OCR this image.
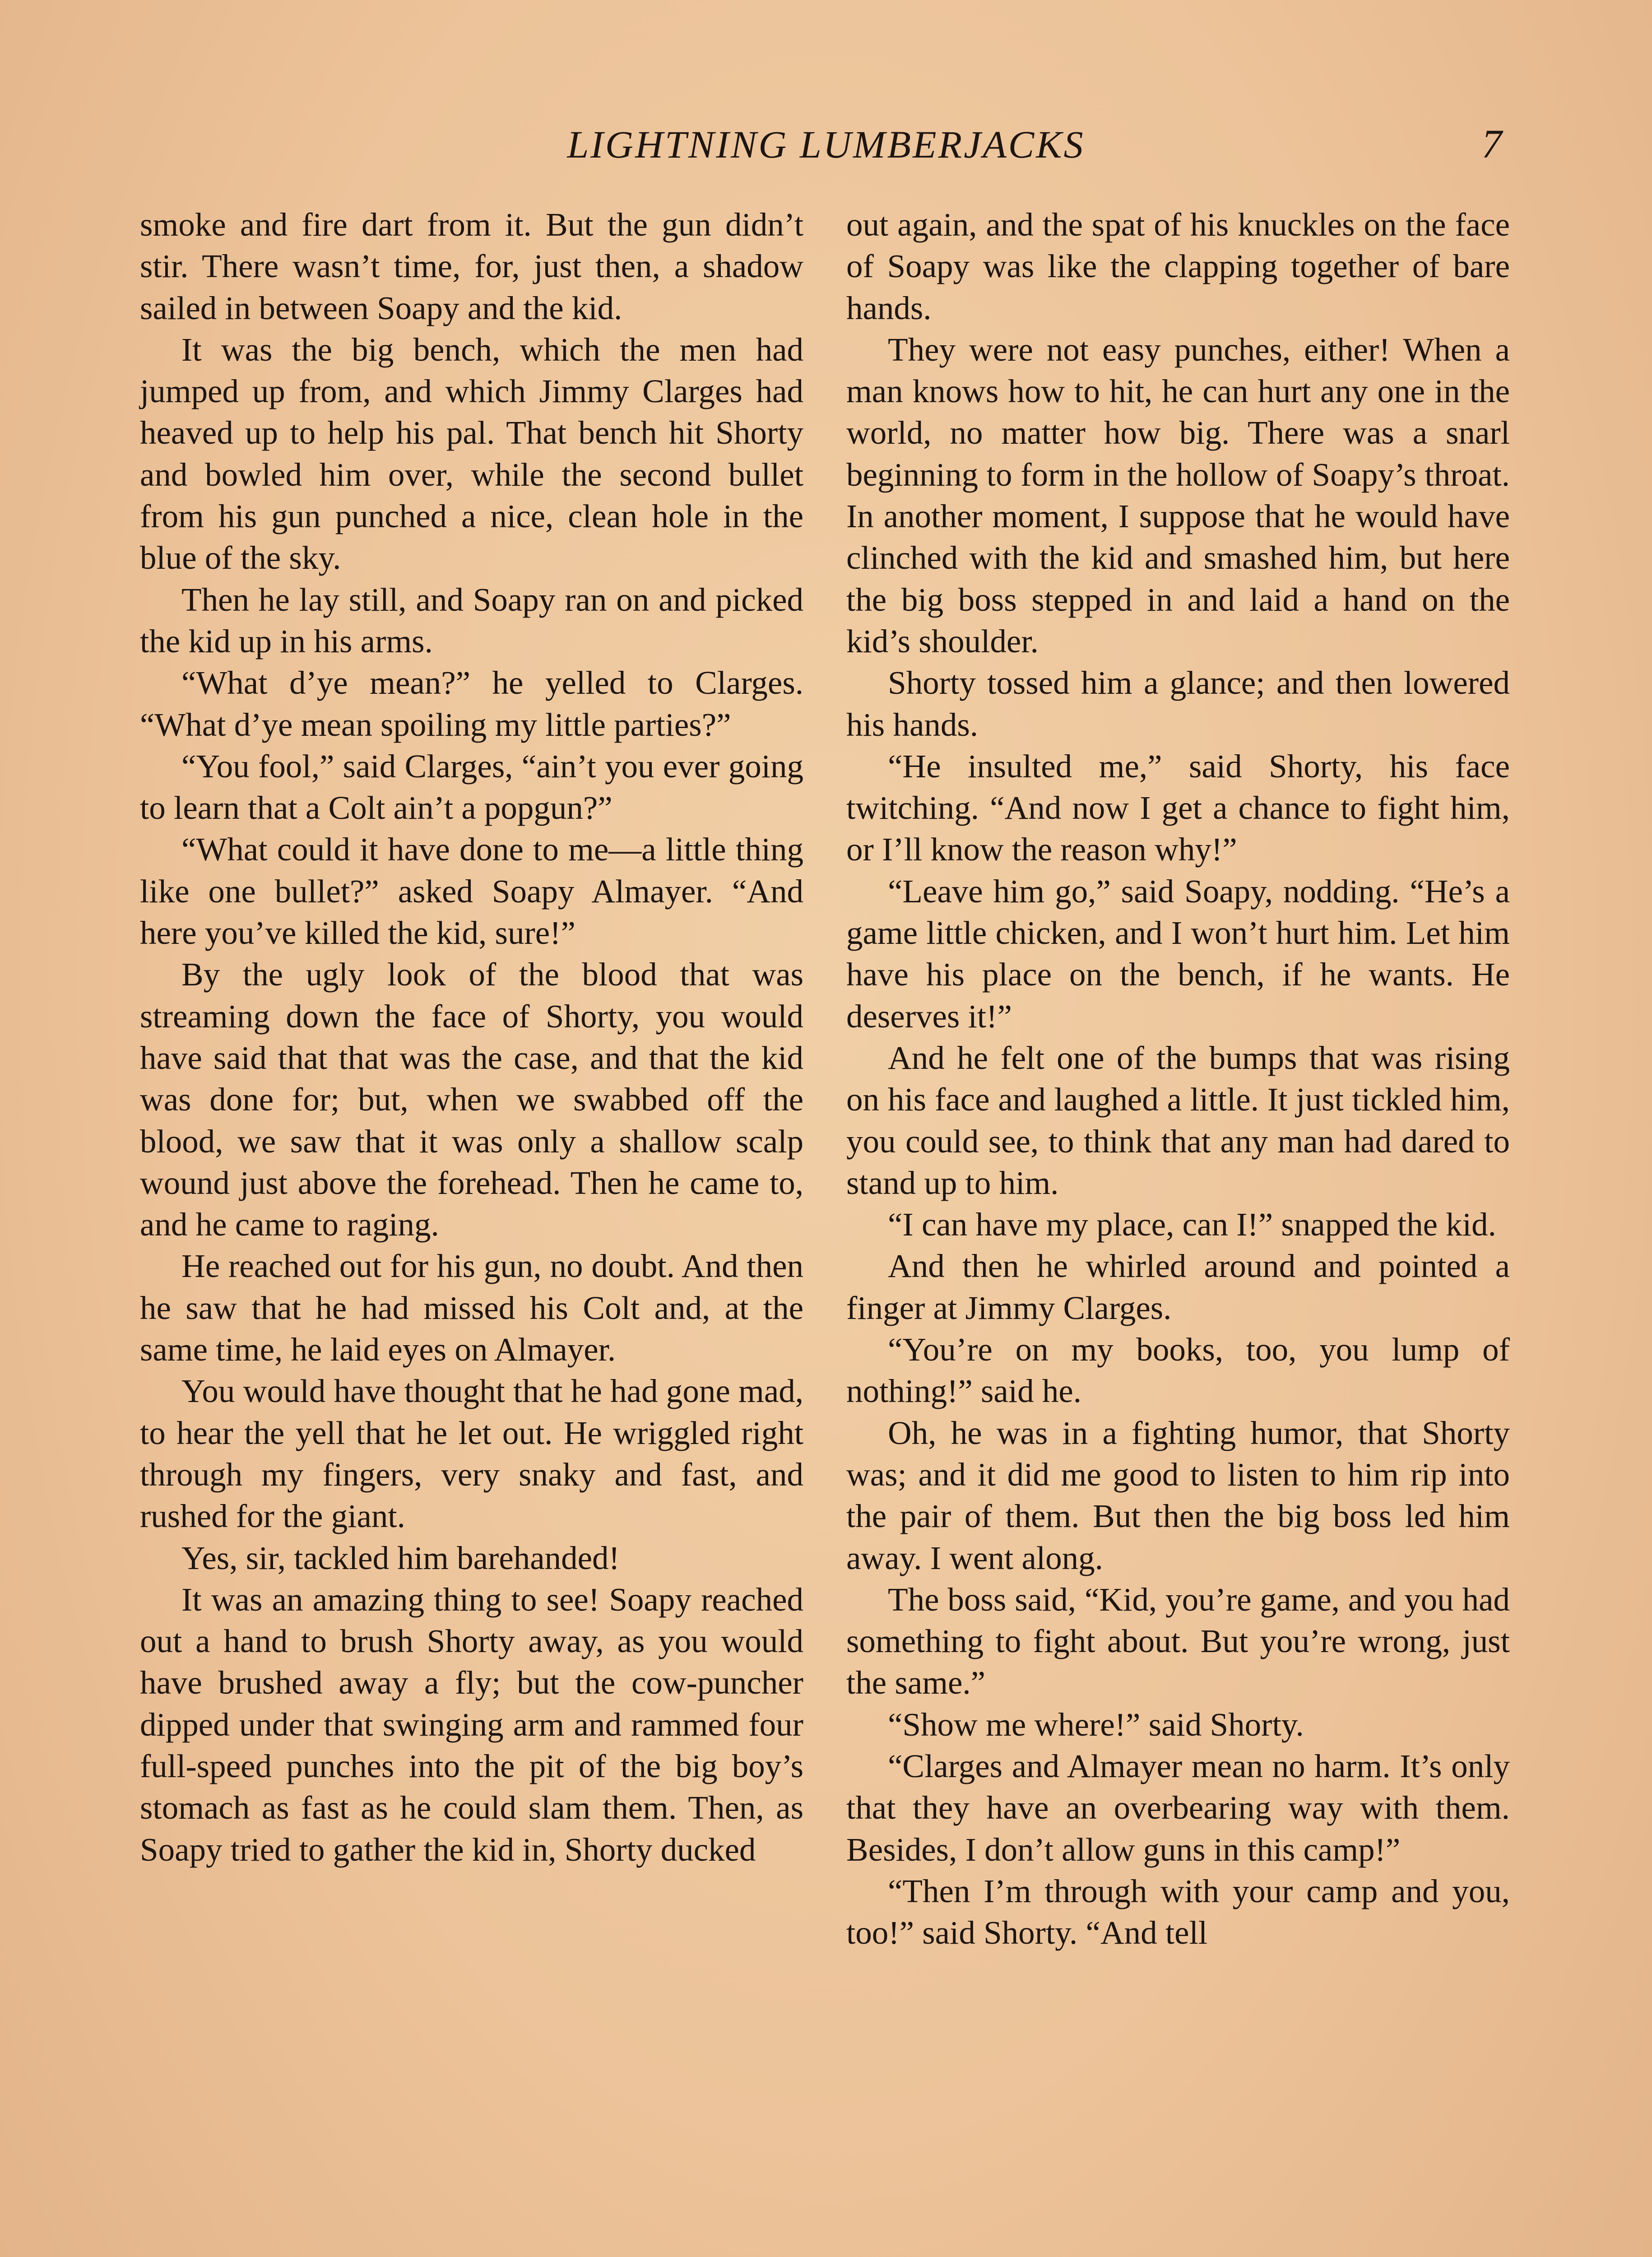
LIGHTNING LUMBERJACKS	7

smoke and fire dart from it. But the gun didn’t stir. There wasn’t time, for, just then, a shadow sailed in between Soapy and the kid.

It was the big bench, which the men had jumped up from, and which Jimmy Clarges had heaved up to help his pal. That bench hit Shorty and bowled him over, while the second bullet from his gun punched a nice, clean hole in the blue of the sky.

Then he lay still, and Soapy ran on and picked the kid up in his arms.

“What d’ye mean?” he yelled to Clarges. “What d’ye mean spoiling my little parties?”

“You fool,” said Clarges, “ain’t you ever going to learn that a Colt ain’t a popgun?”

“What could it have done to me—a little thing like one bullet?” asked Soapy Almayer. “And here you’ve killed the kid, sure!”

By the ugly look of the blood that was streaming down the face of Shorty, you would have said that that was the case, and that the kid was done for; but, when we swabbed off the blood, we saw that it was only a shallow scalp wound just above the forehead. Then he came to, and he came to raging.

He reached out for his gun, no doubt. And then he saw that he had missed his Colt and, at the same time, he laid eyes on Almayer.

You would have thought that he had gone mad, to hear the yell that he let out. He wriggled right through my fingers, very snaky and fast, and rushed for the giant.

Yes, sir, tackled him barehanded!

It was an amazing thing to see! Soapy reached out a hand to brush Shorty away, as you would have brushed away a fly; but the cow-puncher dipped under that swinging arm and rammed four full-speed punches into the pit of the big boy’s stomach as fast as he could slam them. Then, as Soapy tried to gather the kid in, Shorty ducked

out again, and the spat of his knuckles on the face of Soapy was like the clapping together of bare hands.

They were not easy punches, either! When a man knows how to hit, he can hurt any one in the world, no matter how big. There was a snarl beginning to form in the hollow of Soapy’s throat. In another moment, I suppose that he would have clinched with the kid and smashed him, but here the big boss stepped in and laid a hand on the kid’s shoulder.

Shorty tossed him a glance; and then lowered his hands.

“He insulted me,” said Shorty, his face twitching. “And now I get a chance to fight him, or I’ll know the reason why!”

“Leave him go,” said Soapy, nodding. “He’s a game little chicken, and I won’t hurt him. Let him have his place on the bench, if he wants. He deserves it!”

And he felt one of the bumps that was rising on his face and laughed a little. It just tickled him, you could see, to think that any man had dared to stand up to him.

“I can have my place, can I!” snapped the kid.

And then he whirled around and pointed a finger at Jimmy Clarges.

“You’re on my books, too, you lump of nothing!” said he.

Oh, he was in a fighting humor, that Shorty was; and it did me good to listen to him rip into the pair of them. But then the big boss led him away. I went along.

The boss said, “Kid, you’re game, and you had something to fight about. But you’re wrong, just the same.”

“Show me where!” said Shorty.

“Clarges and Almayer mean no harm. It’s only that they have an overbearing way with them. Besides, I don’t allow guns in this camp!”

“Then I’m through with your camp and you, too!” said Shorty. “And tell
